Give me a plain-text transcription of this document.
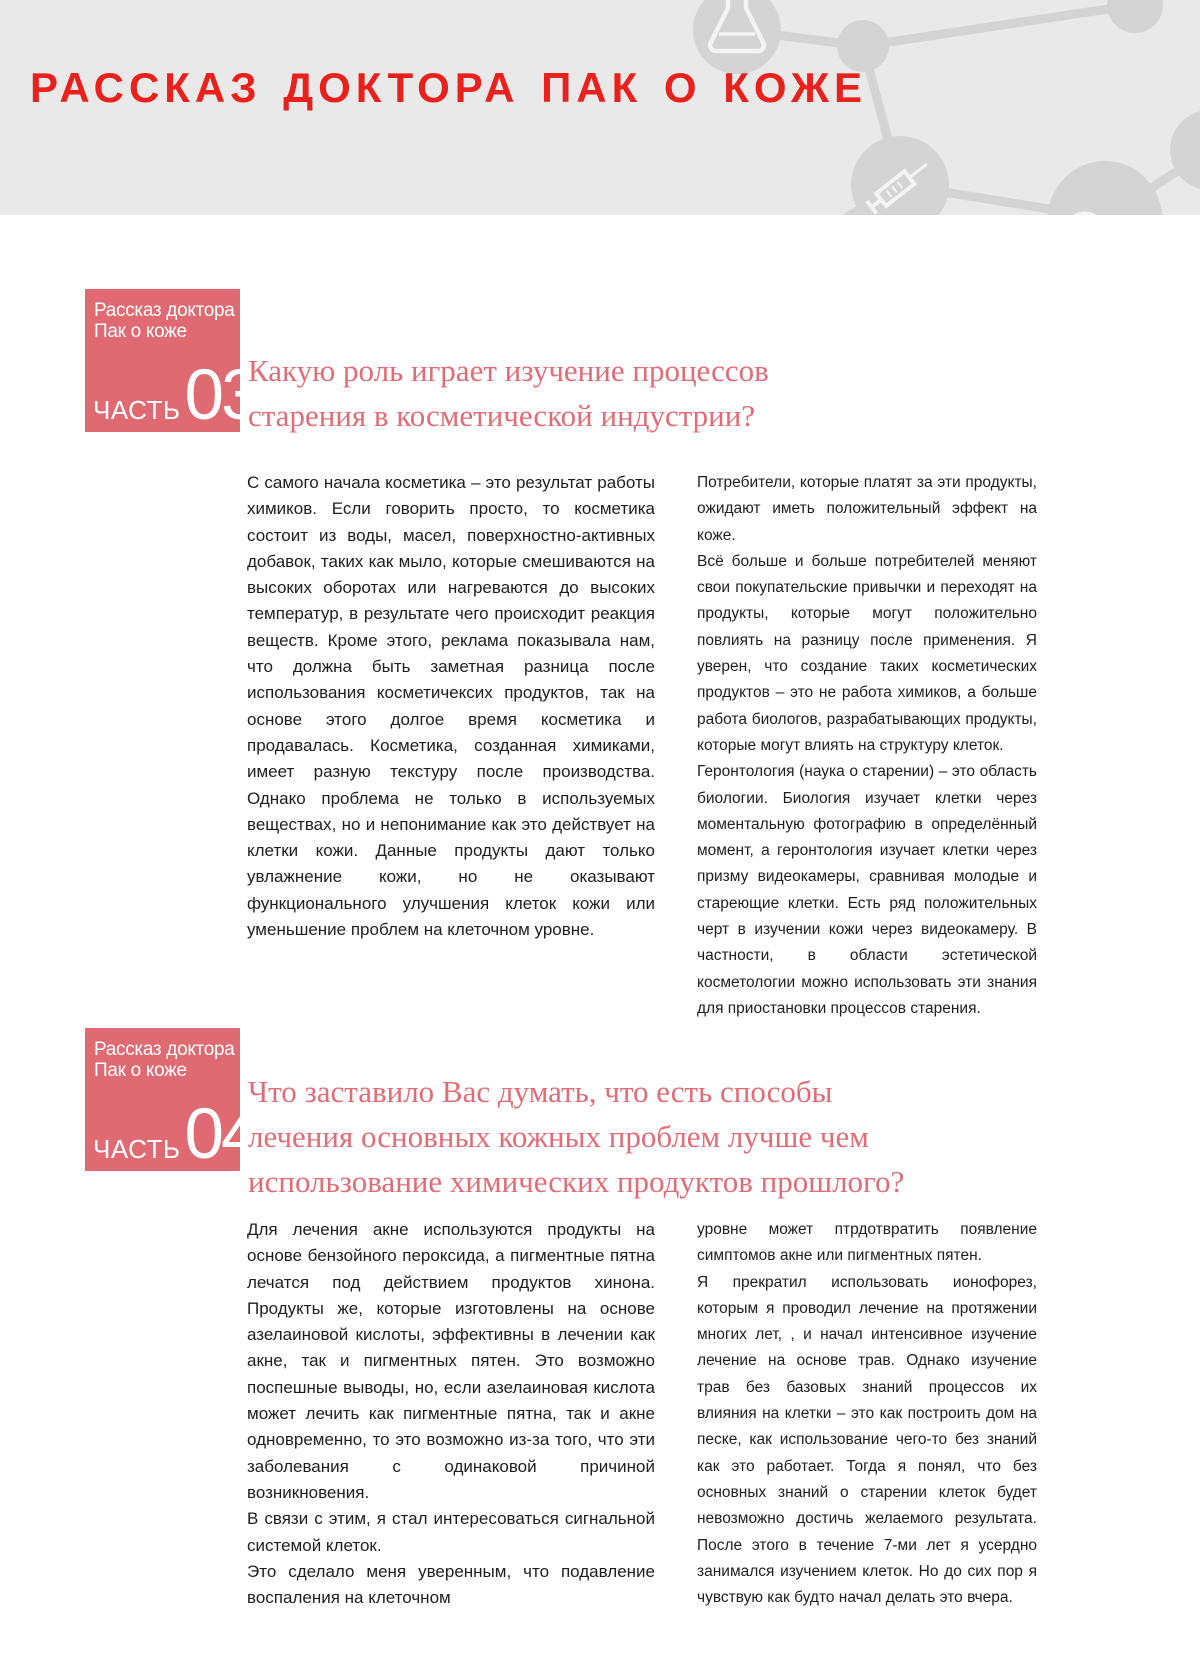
РАССКАЗ ДОКТОРА ПАК О КОЖЕ
Рассказ доктора
Пак о коже
ЧАСТЬ 03
Какую роль играет изучение процессов
старения в косметической индустрии?

С самого начала косметика – это результат работы химиков. Если говорить просто, то косметика состоит из воды, масел, поверхностно-активных добавок, таких как мыло, которые смешиваются на высоких оборотах или нагреваются до высоких температур, в результате чего происходит реакция веществ. Кроме этого, реклама показывала нам, что должна быть заметная разница после использования косметичексих продуктов, так на основе этого долгое время косметика и продавалась. Косметика, созданная химиками, имеет разную текстуру после производства. Однако проблема не только в используемых веществах, но и непонимание как это действует на клетки кожи. Данные продукты дают только увлажнение кожи, но не оказывают функционального улучшения клеток кожи или уменьшение проблем на клеточном уровне.

Потребители, которые платят за эти продукты, ожидают иметь положительный эффект на коже.

Всё больше и больше потребителей меняют свои покупательские привычки и переходят на продукты, которые могут положительно повлиять на разницу после применения. Я уверен, что создание таких косметических продуктов – это не работа химиков, а больше работа биологов, разрабатывающих продукты, которые могут влиять на структуру клеток.

Геронтология (наука о старении) – это область биологии. Биология изучает клетки через моментальную фотографию в определённый момент, а геронтология изучает клетки через призму видеокамеры, сравнивая молодые и стареющие клетки. Есть ряд положительных черт в изучении кожи через видеокамеру. В частности, в области эстетической косметологии можно использовать эти знания для приостановки процессов старения.

Рассказ доктора
Пак о коже
ЧАСТЬ 04
Что заставило Вас думать, что есть способы
лечения основных кожных проблем лучше чем
использование химических продуктов прошлого?

Для лечения акне используются продукты на основе бензойного пероксида, а пигментные пятна лечатся под действием продуктов хинона. Продукты же, которые изготовлены на основе азелаиновой кислоты, эффективны в лечении как акне, так и пигментных пятен. Это возможно поспешные выводы, но, если азелаиновая кислота может лечить как пигментные пятна, так и акне одновременно, то это возможно из-за того, что эти заболевания с одинаковой причиной возникновения.

В связи с этим, я стал интересоваться сигнальной системой клеток.

Это сделало меня уверенным, что подавление воспаления на клеточном

уровне может птрдотвратить появление симптомов акне или пигментных пятен.

Я прекратил использовать ионофорез, которым я проводил лечение на протяжении многих лет, , и начал интенсивное изучение лечение на основе трав. Однако изучение трав без базовых знаний процессов их влияния на клетки – это как построить дом на песке, как использование чего-то без знаний как это работает. Тогда я понял, что без основных знаний о старении клеток будет невозможно достичь желаемого результата. После этого в течение 7-ми лет я усердно занимался изучением клеток. Но до сих пор я чувствую как будто начал делать это вчера.
